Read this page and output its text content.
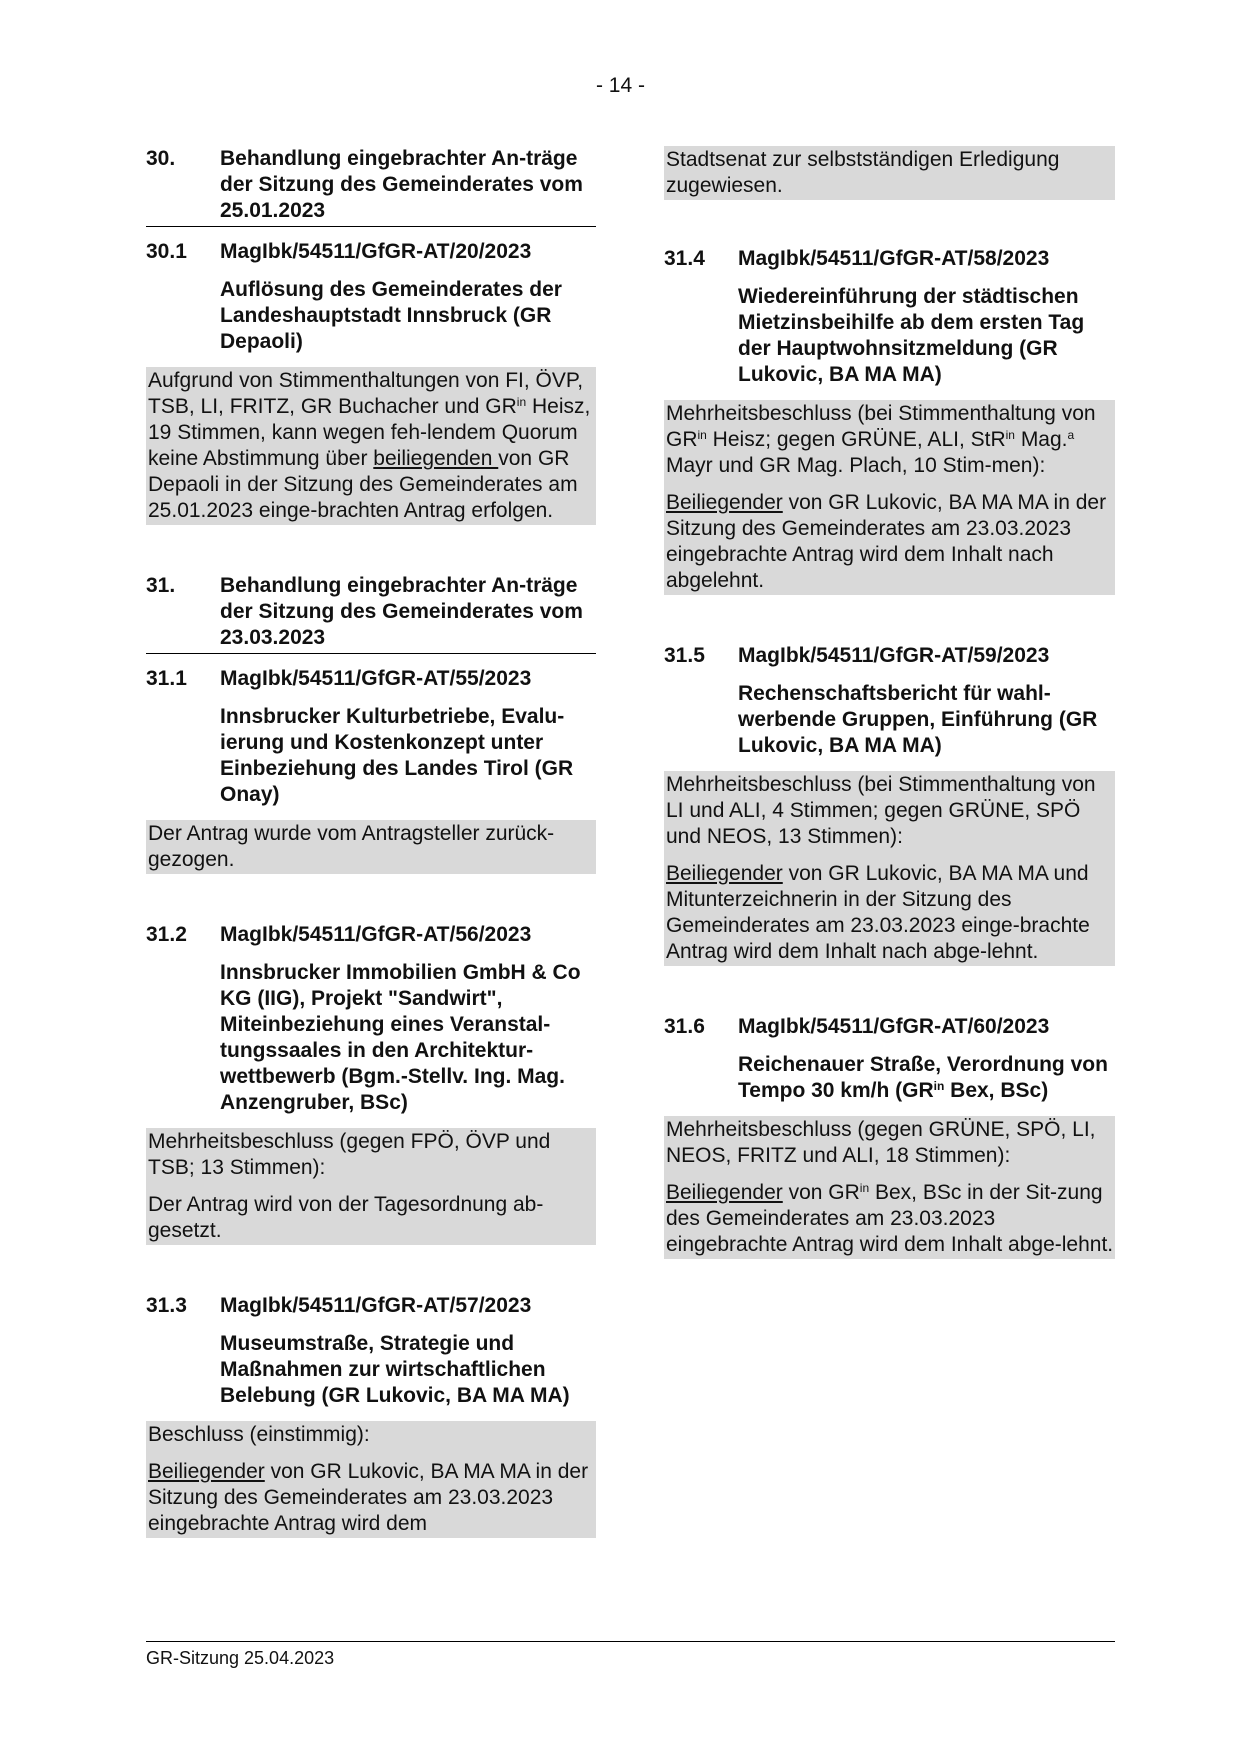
- 14 -
30.	Behandlung eingebrachter An-träge der Sitzung des Gemeinderates vom 25.01.2023
30.1	MagIbk/54511/GfGR-AT/20/2023
Auflösung des Gemeinderates der Landeshauptstadt Innsbruck (GR Depaoli)

Aufgrund von Stimmenthaltungen von FI, ÖVP, TSB, LI, FRITZ, GR Buchacher und $GR^{in}$ Heisz, 19 Stimmen, kann wegen feh-lendem Quorum keine Abstimmung über beiliegenden von GR Depaoli in der Sitzung des Gemeinderates am 25.01.2023 einge-brachten Antrag erfolgen.

31.	Behandlung eingebrachter An-träge der Sitzung des Gemeinderates vom 23.03.2023
31.1	MagIbk/54511/GfGR-AT/55/2023
Innsbrucker Kulturbetriebe, Evalu-ierung und Kostenkonzept unter Einbeziehung des Landes Tirol (GR Onay)

Der Antrag wurde vom Antragsteller zurück-gezogen.

31.2	MagIbk/54511/GfGR-AT/56/2023
Innsbrucker Immobilien GmbH & Co KG (IIG), Projekt "Sandwirt", Miteinbeziehung eines Veranstal-tungssaales in den Architektur-wettbewerb (Bgm.-Stellv. Ing. Mag. Anzengruber, BSc)

Mehrheitsbeschluss (gegen FPÖ, ÖVP und TSB; 13 Stimmen):

Der Antrag wird von der Tagesordnung ab-gesetzt.

31.3	MagIbk/54511/GfGR-AT/57/2023
Museumstraße, Strategie und Maßnahmen zur wirtschaftlichen Belebung (GR Lukovic, BA MA MA)

Beschluss (einstimmig):

Beiliegender von GR Lukovic, BA MA MA in der Sitzung des Gemeinderates am 23.03.2023 eingebrachte Antrag wird dem

Stadtsenat zur selbstständigen Erledigung zugewiesen.

31.4	MagIbk/54511/GfGR-AT/58/2023
Wiedereinführung der städtischen Mietzinsbeihilfe ab dem ersten Tag der Hauptwohnsitzmeldung (GR Lukovic, BA MA MA)

Mehrheitsbeschluss (bei Stimmenthaltung von $GR^{in}$ Heisz; gegen GRÜNE, ALI, StR$^{in}$ Mag.$^a$ Mayr und GR Mag. Plach, 10 Stim-men):

Beiliegender von GR Lukovic, BA MA MA in der Sitzung des Gemeinderates am 23.03.2023 eingebrachte Antrag wird dem Inhalt nach abgelehnt.

31.5	MagIbk/54511/GfGR-AT/59/2023
Rechenschaftsbericht für wahl-werbende Gruppen, Einführung (GR Lukovic, BA MA MA)

Mehrheitsbeschluss (bei Stimmenthaltung von LI und ALI, 4 Stimmen; gegen GRÜNE, SPÖ und NEOS, 13 Stimmen):

Beiliegender von GR Lukovic, BA MA MA und Mitunterzeichnerin in der Sitzung des Gemeinderates am 23.03.2023 einge-brachte Antrag wird dem Inhalt nach abge-lehnt.

31.6	MagIbk/54511/GfGR-AT/60/2023
Reichenauer Straße, Verordnung von Tempo 30 km/h ($GR^{in}$ Bex, BSc)

Mehrheitsbeschluss (gegen GRÜNE, SPÖ, LI, NEOS, FRITZ und ALI, 18 Stimmen):

Beiliegender von $GR^{in}$ Bex, BSc in der Sit-zung des Gemeinderates am 23.03.2023 eingebrachte Antrag wird dem Inhalt abge-lehnt.

GR-Sitzung 25.04.2023
